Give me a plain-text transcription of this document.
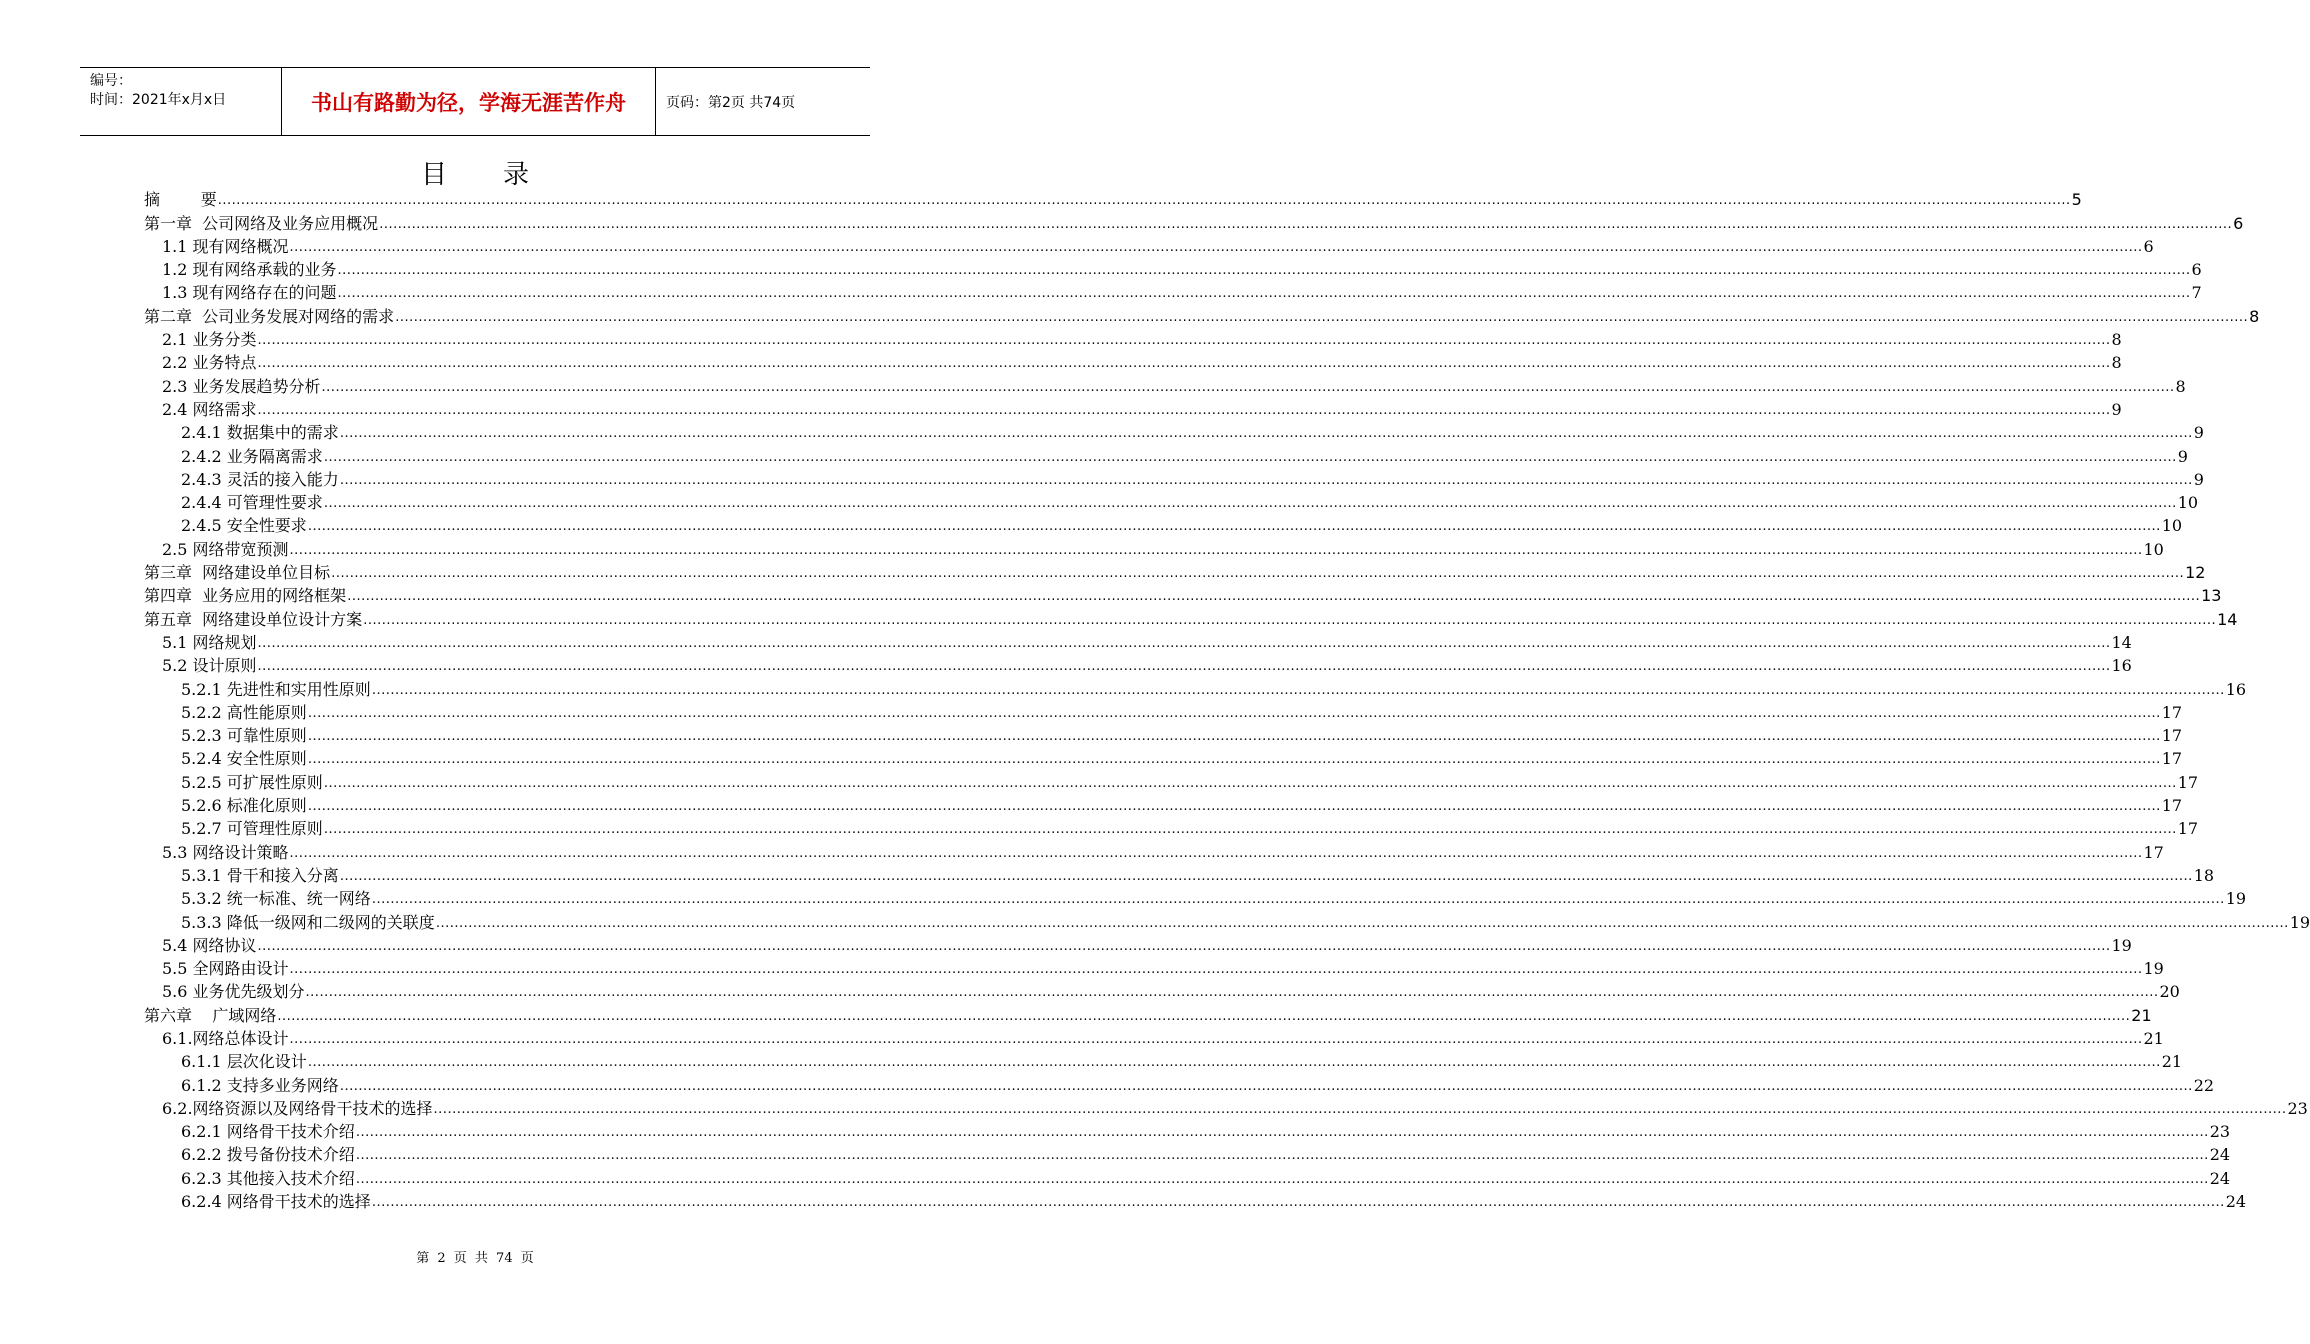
编号：
时间：2021年x月x日	书山有路勤为径，学海无涯苦作舟	页码：第2页 共74页
目录
摘        要 ................................................................................................................................................................................................................................................................................................................................................................................................................ 5
第一章  公司网络及业务应用概况 ................................................................................................................................................................................................................................................................................................................................................................................................................ 6
1.1 现有网络概况 ................................................................................................................................................................................................................................................................................................................................................................................................................ 6
1.2 现有网络承载的业务 ................................................................................................................................................................................................................................................................................................................................................................................................................ 6
1.3 现有网络存在的问题 ................................................................................................................................................................................................................................................................................................................................................................................................................ 7
第二章  公司业务发展对网络的需求 ................................................................................................................................................................................................................................................................................................................................................................................................................ 8
2.1 业务分类 ................................................................................................................................................................................................................................................................................................................................................................................................................ 8
2.2 业务特点 ................................................................................................................................................................................................................................................................................................................................................................................................................ 8
2.3 业务发展趋势分析 ................................................................................................................................................................................................................................................................................................................................................................................................................ 8
2.4 网络需求 ................................................................................................................................................................................................................................................................................................................................................................................................................ 9
2.4.1 数据集中的需求 ................................................................................................................................................................................................................................................................................................................................................................................................................ 9
2.4.2 业务隔离需求 ................................................................................................................................................................................................................................................................................................................................................................................................................ 9
2.4.3 灵活的接入能力 ................................................................................................................................................................................................................................................................................................................................................................................................................ 9
2.4.4 可管理性要求 ................................................................................................................................................................................................................................................................................................................................................................................................................ 10
2.4.5 安全性要求 ................................................................................................................................................................................................................................................................................................................................................................................................................ 10
2.5 网络带宽预测 ................................................................................................................................................................................................................................................................................................................................................................................................................ 10
第三章  网络建设单位目标 ................................................................................................................................................................................................................................................................................................................................................................................................................ 12
第四章  业务应用的网络框架 ................................................................................................................................................................................................................................................................................................................................................................................................................ 13
第五章  网络建设单位设计方案 ................................................................................................................................................................................................................................................................................................................................................................................................................ 14
5.1 网络规划 ................................................................................................................................................................................................................................................................................................................................................................................................................ 14
5.2 设计原则 ................................................................................................................................................................................................................................................................................................................................................................................................................ 16
5.2.1 先进性和实用性原则 ................................................................................................................................................................................................................................................................................................................................................................................................................ 16
5.2.2 高性能原则 ................................................................................................................................................................................................................................................................................................................................................................................................................ 17
5.2.3 可靠性原则 ................................................................................................................................................................................................................................................................................................................................................................................................................ 17
5.2.4 安全性原则 ................................................................................................................................................................................................................................................................................................................................................................................................................ 17
5.2.5 可扩展性原则 ................................................................................................................................................................................................................................................................................................................................................................................................................ 17
5.2.6 标准化原则 ................................................................................................................................................................................................................................................................................................................................................................................................................ 17
5.2.7 可管理性原则 ................................................................................................................................................................................................................................................................................................................................................................................................................ 17
5.3 网络设计策略 ................................................................................................................................................................................................................................................................................................................................................................................................................ 17
5.3.1 骨干和接入分离 ................................................................................................................................................................................................................................................................................................................................................................................................................ 18
5.3.2 统一标准、统一网络 ................................................................................................................................................................................................................................................................................................................................................................................................................ 19
5.3.3 降低一级网和二级网的关联度 ................................................................................................................................................................................................................................................................................................................................................................................................................ 19
5.4 网络协议 ................................................................................................................................................................................................................................................................................................................................................................................................................ 19
5.5 全网路由设计 ................................................................................................................................................................................................................................................................................................................................................................................................................ 19
5.6 业务优先级划分 ................................................................................................................................................................................................................................................................................................................................................................................................................ 20
第六章    广域网络 ................................................................................................................................................................................................................................................................................................................................................................................................................ 21
6.1.网络总体设计 ................................................................................................................................................................................................................................................................................................................................................................................................................ 21
6.1.1 层次化设计 ................................................................................................................................................................................................................................................................................................................................................................................................................ 21
6.1.2 支持多业务网络 ................................................................................................................................................................................................................................................................................................................................................................................................................ 22
6.2.网络资源以及网络骨干技术的选择 ................................................................................................................................................................................................................................................................................................................................................................................................................ 23
6.2.1 网络骨干技术介绍 ................................................................................................................................................................................................................................................................................................................................................................................................................ 23
6.2.2 拨号备份技术介绍 ................................................................................................................................................................................................................................................................................................................................................................................................................ 24
6.2.3 其他接入技术介绍 ................................................................................................................................................................................................................................................................................................................................................................................................................ 24
6.2.4 网络骨干技术的选择 ................................................................................................................................................................................................................................................................................................................................................................................................................ 24
第 2 页 共 74 页
